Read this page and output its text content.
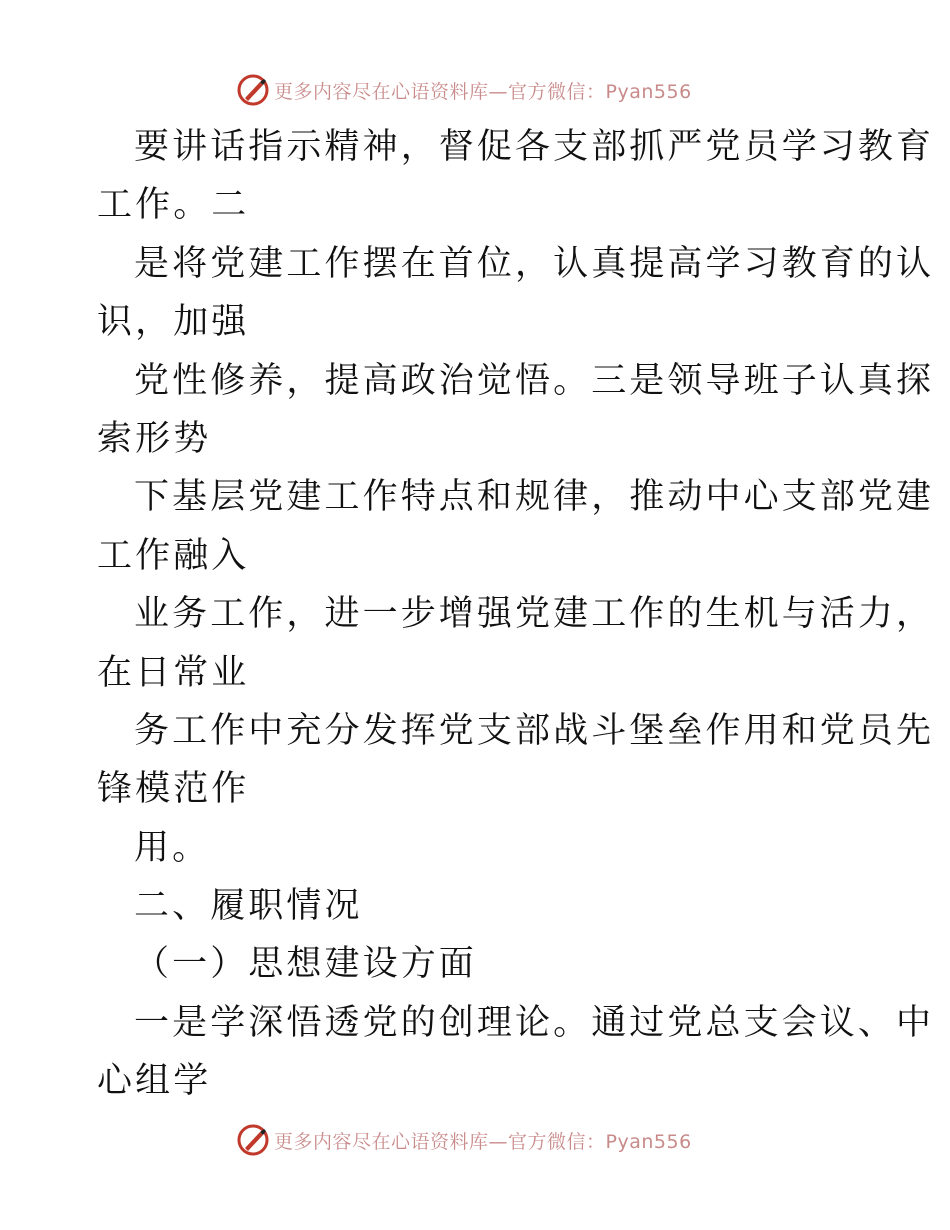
更多内容尽在心语资料库—官方微信：Pyan556
要讲话指示精神，督促各支部抓严党员学习教育
工作。二
是将党建工作摆在首位，认真提高学习教育的认
识，加强
党性修养，提高政治觉悟。三是领导班子认真探
索形势
下基层党建工作特点和规律，推动中心支部党建
工作融入
业务工作，进一步增强党建工作的生机与活力，
在日常业
务工作中充分发挥党支部战斗堡垒作用和党员先
锋模范作
用。
二、履职情况
（一）思想建设方面
一是学深悟透党的创理论。通过党总支会议、中
心组学
更多内容尽在心语资料库—官方微信：Pyan556
